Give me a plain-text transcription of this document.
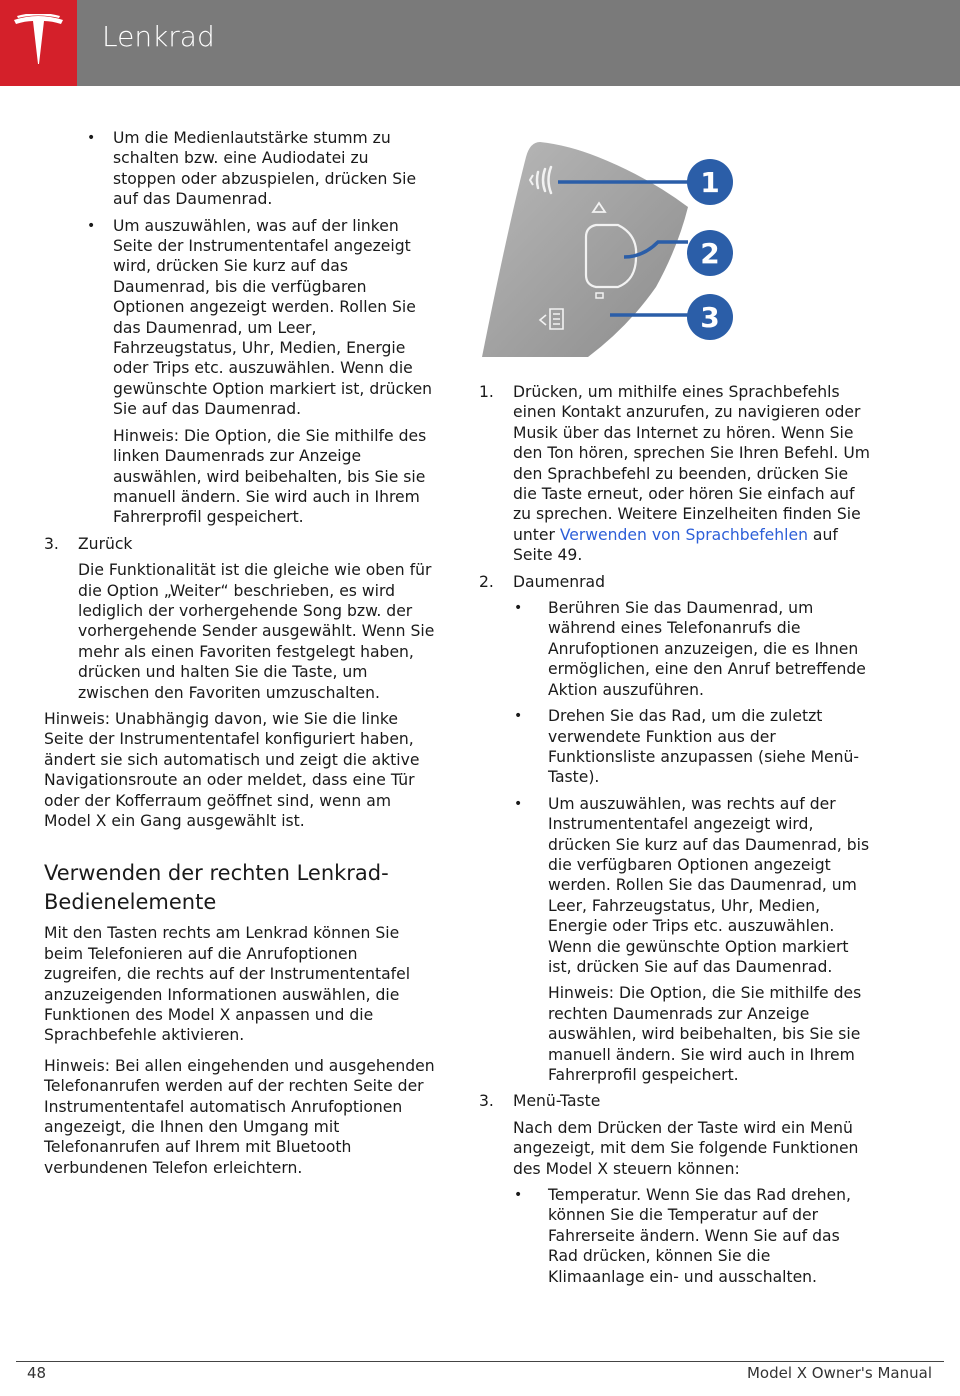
Lenkrad
• Um die Medienlautstärke stumm zu schalten bzw. eine Audiodatei zu stoppen oder abzuspielen, drücken Sie auf das Daumenrad.
• Um auszuwählen, was auf der linken Seite der Instrumententafel angezeigt wird, drücken Sie kurz auf das Daumenrad, bis die verfügbaren Optionen angezeigt werden. Rollen Sie das Daumenrad, um Leer, Fahrzeugstatus, Uhr, Medien, Energie oder Trips etc. auszuwählen. Wenn die gewünschte Option markiert ist, drücken Sie auf das Daumenrad.
Hinweis: Die Option, die Sie mithilfe des linken Daumenrads zur Anzeige auswählen, wird beibehalten, bis Sie sie manuell ändern. Sie wird auch in Ihrem Fahrerprofil gespeichert.
3. Zurück
Die Funktionalität ist die gleiche wie oben für die Option „Weiter“ beschrieben, es wird lediglich der vorhergehende Song bzw. der vorhergehende Sender ausgewählt. Wenn Sie mehr als einen Favoriten festgelegt haben, drücken und halten Sie die Taste, um zwischen den Favoriten umzuschalten.

Hinweis: Unabhängig davon, wie Sie die linke Seite der Instrumententafel konfiguriert haben, ändert sie sich automatisch und zeigt die aktive Navigationsroute an oder meldet, dass eine Tür oder der Kofferraum geöffnet sind, wenn am Model X ein Gang ausgewählt ist.

Verwenden der rechten Lenkrad-Bedienelemente

Mit den Tasten rechts am Lenkrad können Sie beim Telefonieren auf die Anrufoptionen zugreifen, die rechts auf der Instrumententafel anzuzeigenden Informationen auswählen, die Funktionen des Model X anpassen und die Sprachbefehle aktivieren.

Hinweis: Bei allen eingehenden und ausgehenden Telefonanrufen werden auf der rechten Seite der Instrumententafel automatisch Anrufoptionen angezeigt, die Ihnen den Umgang mit Telefonanrufen auf Ihrem mit Bluetooth verbundenen Telefon erleichtern.

1
2
3
1. Drücken, um mithilfe eines Sprachbefehls einen Kontakt anzurufen, zu navigieren oder Musik über das Internet zu hören. Wenn Sie den Ton hören, sprechen Sie Ihren Befehl. Um den Sprachbefehl zu beenden, drücken Sie die Taste erneut, oder hören Sie einfach auf zu sprechen. Weitere Einzelheiten finden Sie unter Verwenden von Sprachbefehlen auf Seite 49.
2. Daumenrad
• Berühren Sie das Daumenrad, um während eines Telefonanrufs die Anrufoptionen anzuzeigen, die es Ihnen ermöglichen, eine den Anruf betreffende Aktion auszuführen.
• Drehen Sie das Rad, um die zuletzt verwendete Funktion aus der Funktionsliste anzupassen (siehe Menü-Taste).
• Um auszuwählen, was rechts auf der Instrumententafel angezeigt wird, drücken Sie kurz auf das Daumenrad, bis die verfügbaren Optionen angezeigt werden. Rollen Sie das Daumenrad, um Leer, Fahrzeugstatus, Uhr, Medien, Energie oder Trips etc. auszuwählen. Wenn die gewünschte Option markiert ist, drücken Sie auf das Daumenrad.
Hinweis: Die Option, die Sie mithilfe des rechten Daumenrads zur Anzeige auswählen, wird beibehalten, bis Sie sie manuell ändern. Sie wird auch in Ihrem Fahrerprofil gespeichert.
3. Menü-Taste
Nach dem Drücken der Taste wird ein Menü angezeigt, mit dem Sie folgende Funktionen des Model X steuern können:
• Temperatur. Wenn Sie das Rad drehen, können Sie die Temperatur auf der Fahrerseite ändern. Wenn Sie auf das Rad drücken, können Sie die Klimaanlage ein- und ausschalten.
48	Model X Owner's Manual
